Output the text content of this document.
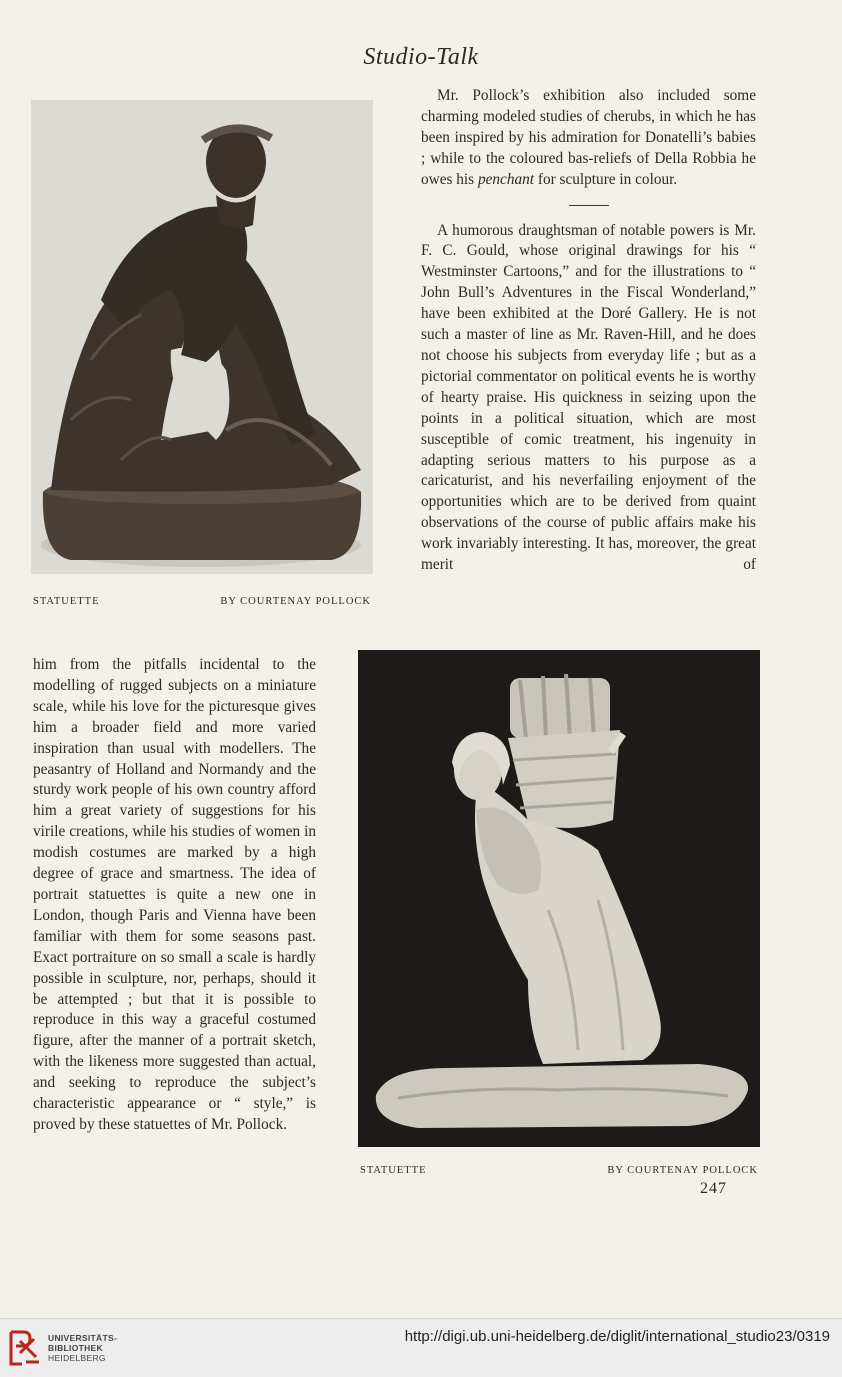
Studio-Talk
STATUETTE	BY COURTENAY POLLOCK

Mr. Pollock’s exhibition also included some charming modeled studies of cherubs, in which he has been inspired by his admiration for Donatelli’s babies ; while to the coloured bas-reliefs of Della Robbia he owes his penchant for sculpture in colour.

A humorous draughtsman of notable powers is Mr. F. C. Gould, whose original drawings for his “ Westminster Cartoons,” and for the illustrations to “ John Bull’s Adventures in the Fiscal Wonderland,” have been exhibited at the Doré Gallery. He is not such a master of line as Mr. Raven-Hill, and he does not choose his subjects from everyday life ; but as a pictorial commentator on political events he is worthy of hearty praise. His quickness in seizing upon the points in a political situation, which are most susceptible of comic treatment, his ingenuity in adapting serious matters to his purpose as a caricaturist, and his neverfailing enjoyment of the opportunities which are to be derived from quaint observations of the course of public affairs make his work invariably interesting. It has, moreover, the great merit of

him from the pitfalls incidental to the modelling of rugged subjects on a miniature scale, while his love for the picturesque gives him a broader field and more varied inspiration than usual with modellers. The peasantry of Holland and Normandy and the sturdy work people of his own country afford him a great variety of suggestions for his virile creations, while his studies of women in modish costumes are marked by a high degree of grace and smartness. The idea of portrait statuettes is quite a new one in London, though Paris and Vienna have been familiar with them for some seasons past. Exact portraiture on so small a scale is hardly possible in sculpture, nor, perhaps, should it be attempted ; but that it is possible to reproduce in this way a graceful costumed figure, after the manner of a portrait sketch, with the likeness more suggested than actual, and seeking to reproduce the subject’s characteristic appearance or “ style,” is proved by these statuettes of Mr. Pollock.

STATUETTE	BY COURTENAY POLLOCK
247
UNIVERSITÄTS-
BIBLIOTHEK
HEIDELBERG
http://digi.ub.uni-heidelberg.de/diglit/international_studio23/0319
